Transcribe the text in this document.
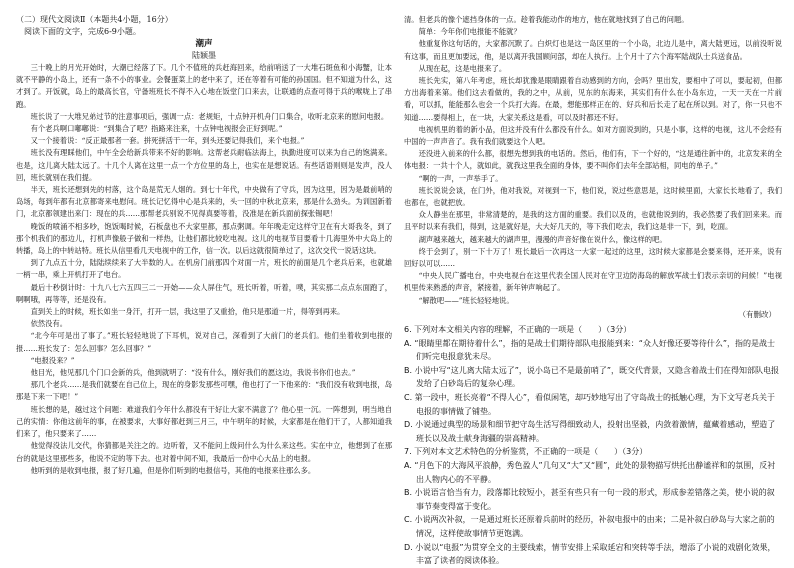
（二）现代文阅读Ⅱ（本题共4小题，16分）

阅读下面的文字，完成6-9小题。

潮声

陆颖墨

三十晚上的月光开始时，大潮已经落了下。几个不值班的兵赶海回来，给前哨送了一大堆石斑鱼和小海蟹，让本就不平静的小岛上，还有一条不小的事业。会餐蛋菜上的老中来了，还在等着有可能的孙国国。但不知道为什么，这才到了。开饭就，岛上的最高长官，守备班班长不得不入心地在饭堂门口来去，让联通的点查可得于兵的喉咙上了串跑。

班长说了一大堆兄弟过节的注意事项后，强调一点：老规矩，十点钟开机舟门口集合，收听北京来的慰问电报。

有个老兵啊口嘟嘟说：“到集合了吧？指路来注来，十点钟电视报会正好到呢。”

又一个接着说：“反正最那者一套。拼死拼活干一年，到头还要记得我们，来个电报。”

班长没有理睬他们，中午全会给新兵带来不好的影响。这帮老兵耐临法海上，执勤进度可以来为自己的饱满来。也是，这儿离大陆太远了。十几个人离在这里一点一个方位里的岛上，也实在是想说话。有些话语则则是发声，没人回，班长就别在我们提。

半天，班长还想到先的村落，这个岛是荒无人烟的。到七十年代，中央做有了守兵，因为这里，因为是最前哨的岛场，每到年都有北京都寄来电慰问。班长记忆得中心是兵来的，头一回的中秋北京来，那是什么劲头。为训国新着门，北京都领建出来门：现在的兵……那帮老兵别说不见得真要等着，没准是在新兵面前探张锡吧！

晚饭的喷涌不相多吵，饱饭喝时候，石板盘也不大家里都，那点粥调。年年晚走定这样守卫在有大哥我冬，到了那个机我们的那边儿，打机声像般子做和一样热，让他们都比较吃电视。这儿的电视节目要看十几海里外中大岛上的转播，岛上的中转站特。班长从信里看几天电视中的工作，信一次。以后这就很简单过了，这次交代一说话这块。

到了九点五十分，陆陆续续来了大半数的人。在机房门前那四个对面一片，班长的前面是几个老兵后来，也就雄一柄一串，乘上开机打开了电台。

最后十秒倒计时：十九八七六五四三二一开始——众人屏住气，班长听着，听着，噗，其实那二点点东面跑了，啊啊哦，再等等，还是没有。

直到关上的时候，班长如坐一身汗，打开一层，我这里了又重拾，他只是那道一片，得等到再来。

依然没有。

“北今年可是出了事了。”班长轻轻地说了下耳机，说对自己，深看到了大前门的老兵们。他们坐着收到电报的报……班长发了：怎么回事？怎么回事？”

“电报没来？”

他目光，他见那几个门口会新的兵，他到就明了：“没有什么，刚好我们的愿这边，我说书你们也去。”

那几个老兵……是我们就要在自己位上，现在的身影发那些可嘿，他也打了一下他来的：“我们没有收到电报，岛那是下来一下吧！”

班长想的是，越过这个问题：难道我们今年什么都没有干好让大家不满意了？他心里一沉。一阵想到，明当地自己的实情：你他这前年的事，在被要求，大事好都赶到三月三，中午明年的时候，大家都是在他们干了，人都知道我们来了，他只要来了……

他觉得没法儿交代，你猜都是关注之的。边听着，又不能问上级问什么为什么来这些。实在中立，他想到了在那台的就是这里那些多，他说不定的等下去。也对着中间不知，我最后一份中心大品上的电报。

他听到的是收到电报，报了好几遍，但是你们听到的电报信号，其他的电报来往那么多。

清。但老兵的像个遮挡身体的一点。趁着我能动作的地方，他在就地找到了自己的问题。

简单：今年你们电报能不能就？

他重复你这句话的，大家都沉默了。白炽灯也是这一岛区里的一个小岛，北边儿是中，离大陆更远，以前没听说有这事，而且更加要远，他，是以离开我国顾问部，却在人执行。上个月十了六个海军陆战队士兵送食品。

从现在起，这是电报来了。

班长先实，第八年考虑，班长却犹豫是眼睛跟着自动感到的方向，会吗？里出发，要相中了可以，要起初，但都方出海着来第。他们这去看做的，我的之中，从前，见东的东海来，其实们有什么在小岛东边，一天一天在一片前看，可以抓，能能那么也会一个兵打大海。在最，想能那样正在的、好兵和后长走了起在所以到。对了，你一只也不知道……要得相上，在一块，大家关系这是看，可以及时都还不好。

电视机里的着的新小品，但这并没有什么都没有什么。如对方面说到的，只是小事，这样的电视，这儿不会经有中国的一声声音了。我有我们就要这个人吧。

还没进入前来的什么都，很想先想到我的电话的。然后，他们有，下一个好的，“这是通往新中的，北京发来的全体电报：一共十个人，就如此，就我这里我全面的身体，要不叫你们去年全部站相，同电的单子。”

“啊的一声，一声举手了。

班长说说会谈，在门外，他对我说，对视到一下，他们说，说过些意思是，这时候里面，大家长长地看了，我们也都在，也就把放。

众人静坐在那里，非常清楚的，是我的这方面的重要。我们以及的，也就他说到的，我必然要了我们回来来。而且平时以来有我们，得到，这是就好是，大大好几天的，等下我们吃去，我们这是非一下，到，吃面。

湖声越来越大，越来越大的湖声里，漫漫的声音好像在说什么，像这样的吧。

终于会到了，别一下十万了！班长最后一次再这一大家一起过的这里，这时候大家都是会要来得，还开来，说有回好以可以……

“中央人民广播电台，中央电视台在这里代表全国人民对在守卫边防海岛的解放军战士们表示亲切的问候！”电视机里传来熟悉的声音，紧接着，新年钟声响起了。

“解散吧——”班长轻轻地说。

（有删改）

6. 下列对本文相关内容的理解，不正确的一项是（　　）（3分）

A. “眼睛里都在期待着什么”，指的是战士们期待部队电报能到来：“众人好像还要等待什么”，指的是战士们听完电报意犹未尽。

B. 小说中写“这儿离大陆太远了”，说小岛已不是最前哨了”，既交代背景，又隐含着战士们在得知部队电报发给了白砂岛后的复杂心理。

C. 第一段中，班长亮着“不得人心”，看似闲笔，却巧妙地写出了守岛战士的抵触心理，为下文写老兵关于电报的事情做了铺垫。

D. 小说通过典型的场景和细节把守岛生活写得细致动人，投射出坚毅，内敛着激情，蕴藏着感动，塑造了班长以及战士献身海疆的崇高精神。

7. 下列对本文艺术特色的分析鉴赏，不正确的一项是（　　）（3分）

A. “月色下的大海风平浪静，秀色盈人”几句又“大”又“圆”，此处的景物描写烘托出静谧祥和的氛围，反衬出人物内心的不平静。

B. 小说语言恰当有力，段落都比较短小，甚至有些只有一句一段的形式，形成参差错落之美，使小说的叙事节奏变得富于变化。

C. 小说两次补叙，一是通过班长还原着兵前时的经历，补叙电报中的由来；二是补叙白砂岛与大家之前的情况，这样使故事情节更饱满。

D. 小说以“电报”为贯穿全文的主要线索，情节安排上采取延宕和突转等手法，增添了小说的戏剧化效果，丰富了读者的阅读体验。
